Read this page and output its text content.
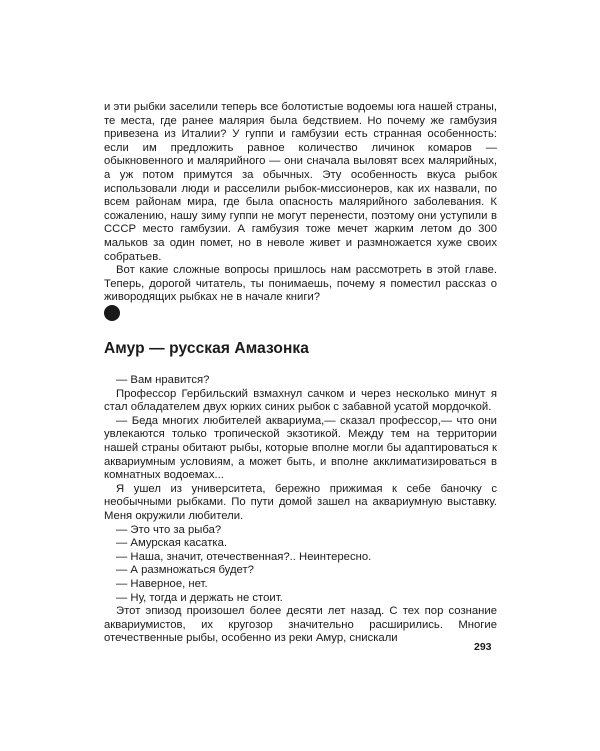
и эти рыбки заселили теперь все болотистые водоемы юга нашей страны, те места, где ранее малярия была бедствием. Но почему же гамбузия привезена из Италии? У гуппи и гамбузии есть странная особенность: если им предложить равное количество личинок комаров — обыкновенного и малярийного — они сначала выловят всех малярийных, а уж потом примутся за обычных. Эту особенность вкуса рыбок использовали люди и расселили рыбок-миссионеров, как их назвали, по всем районам мира, где была опасность малярийного заболевания. К сожалению, нашу зиму гуппи не могут перенести, поэтому они уступили в СССР место гамбузии. А гамбузия тоже мечет жарким летом до 300 мальков за один помет, но в неволе живет и размножается хуже своих собратьев.

Вот какие сложные вопросы пришлось нам рассмотреть в этой главе. Теперь, дорогой читатель, ты понимаешь, почему я поместил рассказ о живородящих рыбках не в начале книги?

Амур — русская Амазонка

— Вам нравится?

Профессор Гербильский взмахнул сачком и через несколько минут я стал обладателем двух юрких синих рыбок с забавной усатой мордочкой.

— Беда многих любителей аквариума,— сказал профессор,— что они увлекаются только тропической экзотикой. Между тем на территории нашей страны обитают рыбы, которые вполне могли бы адаптироваться к аквариумным условиям, а может быть, и вполне акклиматизироваться в комнатных водоемах...

Я ушел из университета, бережно прижимая к себе баночку с необычными рыбками. По пути домой зашел на аквариумную выставку. Меня окружили любители.

— Это что за рыба?

— Амурская касатка.

— Наша, значит, отечественная?.. Неинтересно.

— А размножаться будет?

— Наверное, нет.

— Ну, тогда и держать не стоит.

Этот эпизод произошел более десяти лет назад. С тех пор сознание аквариумистов, их кругозор значительно расширились. Многие отечественные рыбы, особенно из реки Амур, снискали

293
